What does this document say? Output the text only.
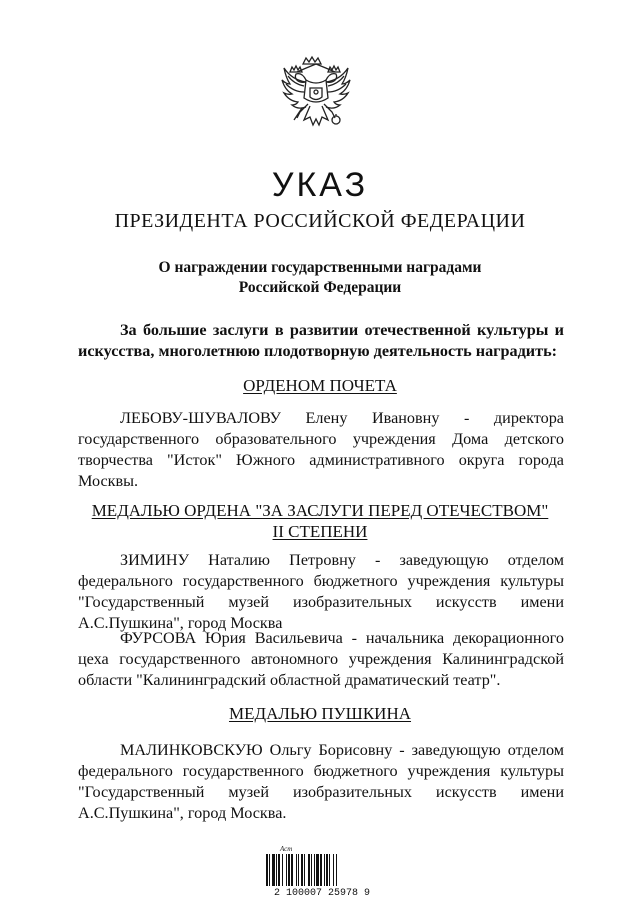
УКАЗ
ПРЕЗИДЕНТА РОССИЙСКОЙ ФЕДЕРАЦИИ
О награждении государственными наградами
Российской Федерации
За большие заслуги в развитии отечественной культуры и
искусства, многолетнюю плодотворную деятельность наградить:
ОРДЕНОМ ПОЧЕТА
ЛЕБОВУ-ШУВАЛОВУ Елену Ивановну - директора
государственного образовательного учреждения Дома детского
творчества "Исток" Южного административного округа города
Москвы.
МЕДАЛЬЮ ОРДЕНА "ЗА ЗАСЛУГИ ПЕРЕД ОТЕЧЕСТВОМ"
II СТЕПЕНИ
ЗИМИНУ Наталию Петровну - заведующую отделом
федерального государственного бюджетного учреждения культуры
"Государственный музей изобразительных искусств имени
А.С.Пушкина", город Москва
ФУРСОВА Юрия Васильевича - начальника декорационного
цеха государственного автономного учреждения Калининградской
области "Калининградский областной драматический театр".
МЕДАЛЬЮ ПУШКИНА
МАЛИНКОВСКУЮ Ольгу Борисовну - заведующую отделом
федерального государственного бюджетного учреждения культуры
"Государственный музей изобразительных искусств имени
А.С.Пушкина", город Москва.
Аст
2 100007 25978 9
